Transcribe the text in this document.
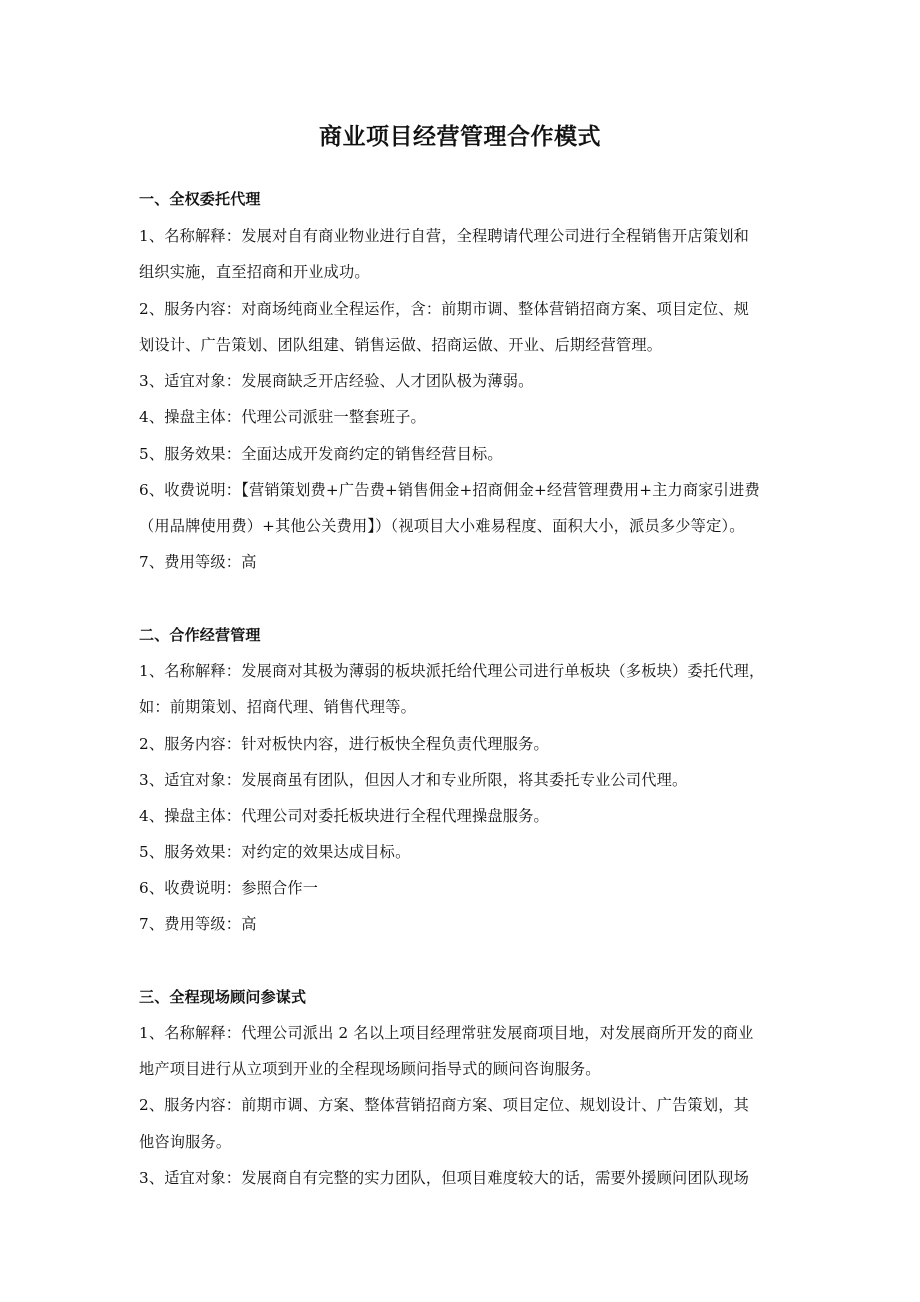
商业项目经营管理合作模式
一、全权委托代理
1、名称解释：发展对自有商业物业进行自营，全程聘请代理公司进行全程销售开店策划和
组织实施，直至招商和开业成功。
2、服务内容：对商场纯商业全程运作，含：前期市调、整体营销招商方案、项目定位、规
划设计、广告策划、团队组建、销售运做、招商运做、开业、后期经营管理。
3、适宜对象：发展商缺乏开店经验、人才团队极为薄弱。
4、操盘主体：代理公司派驻一整套班子。
5、服务效果：全面达成开发商约定的销售经营目标。
6、收费说明：【营销策划费+广告费+销售佣金+招商佣金+经营管理费用+主力商家引进费
（用品牌使用费）+其他公关费用】）（视项目大小难易程度、面积大小，派员多少等定）。
7、费用等级：高
二、合作经营管理
1、名称解释：发展商对其极为薄弱的板块派托给代理公司进行单板块（多板块）委托代理，
如：前期策划、招商代理、销售代理等。
2、服务内容：针对板快内容，进行板快全程负责代理服务。
3、适宜对象：发展商虽有团队，但因人才和专业所限，将其委托专业公司代理。
4、操盘主体：代理公司对委托板块进行全程代理操盘服务。
5、服务效果：对约定的效果达成目标。
6、收费说明：参照合作一
7、费用等级：高
三、全程现场顾问参谋式
1、名称解释：代理公司派出 2 名以上项目经理常驻发展商项目地，对发展商所开发的商业
地产项目进行从立项到开业的全程现场顾问指导式的顾问咨询服务。
2、服务内容：前期市调、方案、整体营销招商方案、项目定位、规划设计、广告策划，其
他咨询服务。
3、适宜对象：发展商自有完整的实力团队，但项目难度较大的话，需要外援顾问团队现场
